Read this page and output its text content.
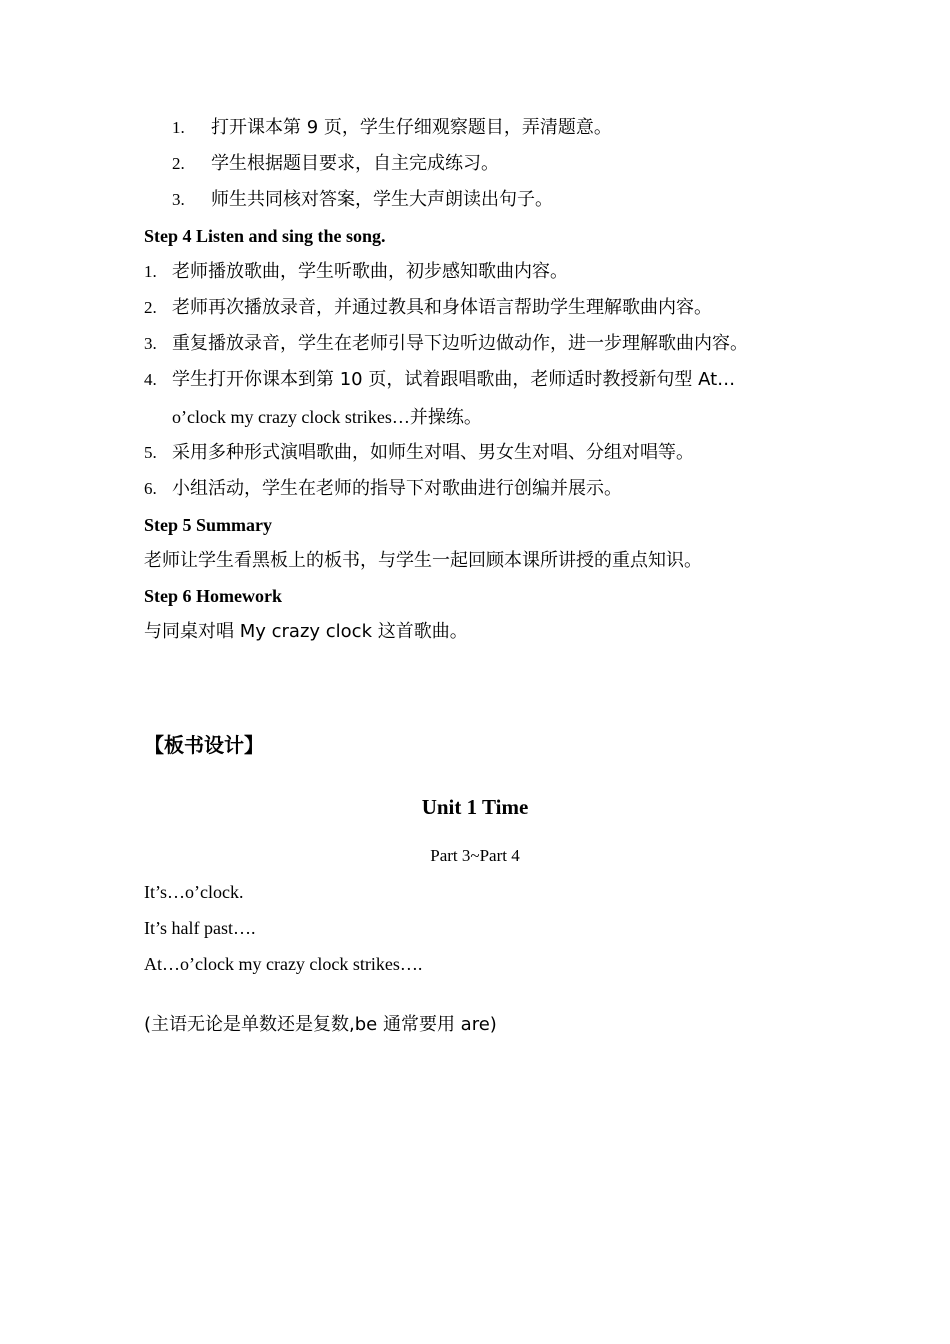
1. 打开课本第 9 页，学生仔细观察题目，弄清题意。
2. 学生根据题目要求，自主完成练习。
3. 师生共同核对答案，学生大声朗读出句子。
Step 4 Listen and sing the song.
1. 老师播放歌曲，学生听歌曲，初步感知歌曲内容。
2. 老师再次播放录音，并通过教具和身体语言帮助学生理解歌曲内容。
3. 重复播放录音，学生在老师引导下边听边做动作，进一步理解歌曲内容。
4. 学生打开你课本到第 10 页，试着跟唱歌曲，老师适时教授新句型 At…
o’clock my crazy clock strikes…并操练。
5. 采用多种形式演唱歌曲，如师生对唱、男女生对唱、分组对唱等。
6. 小组活动，学生在老师的指导下对歌曲进行创编并展示。
Step 5 Summary
老师让学生看黑板上的板书，与学生一起回顾本课所讲授的重点知识。
Step 6 Homework
与同桌对唱 My crazy clock 这首歌曲。
【板书设计】
Unit 1 Time
Part 3~Part 4
It’s…o’clock.
It’s half past….
At…o’clock my crazy clock strikes….
(主语无论是单数还是复数,be 通常要用 are)
